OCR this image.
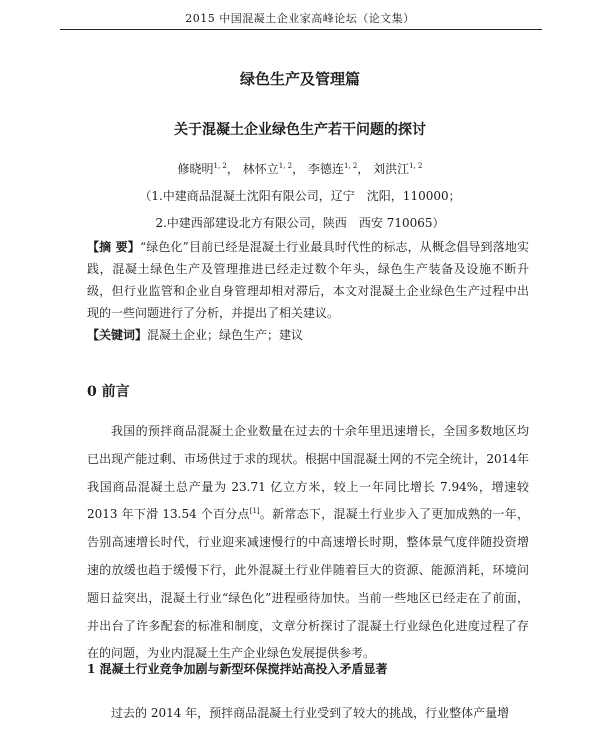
2015 中国混凝土企业家高峰论坛（论文集）
绿色生产及管理篇
关于混凝土企业绿色生产若干问题的探讨
修晓明$^{1, 2}$， 林怀立$^{1, 2}$， 李德连$^{1, 2}$， 刘洪江$^{1, 2}$
（1.中建商品混凝土沈阳有限公司，辽宁　沈阳，110000；
2.中建西部建设北方有限公司，陕西　西安 710065）
【摘 要】“绿色化”目前已经是混凝土行业最具时代性的标志，从概念倡导到落地实践，混凝土绿色生产及管理推进已经走过数个年头，绿色生产装备及设施不断升级，但行业监管和企业自身管理却相对滞后，本文对混凝土企业绿色生产过程中出现的一些问题进行了分析，并提出了相关建议。
【关键词】混凝土企业；绿色生产；建议
0 前言
我国的预拌商品混凝土企业数量在过去的十余年里迅速增长，全国多数地区均已出现产能过剩、市场供过于求的现状。根据中国混凝土网的不完全统计，2014年我国商品混凝土总产量为 23.71 亿立方米，较上一年同比增长 7.94%，增速较 2013 年下滑 13.54 个百分点[1]。新常态下，混凝土行业步入了更加成熟的一年，告别高速增长时代，行业迎来减速慢行的中高速增长时期，整体景气度伴随投资增速的放缓也趋于缓慢下行，此外混凝土行业伴随着巨大的资源、能源消耗，环境问题日益突出，混凝土行业“绿色化”进程亟待加快。当前一些地区已经走在了前面，并出台了许多配套的标准和制度，文章分析探讨了混凝土行业绿色化进度过程了存在的问题，为业内混凝土生产企业绿色发展提供参考。
1 混凝土行业竞争加剧与新型环保搅拌站高投入矛盾显著
过去的 2014 年，预拌商品混凝土行业受到了较大的挑战，行业整体产量增
